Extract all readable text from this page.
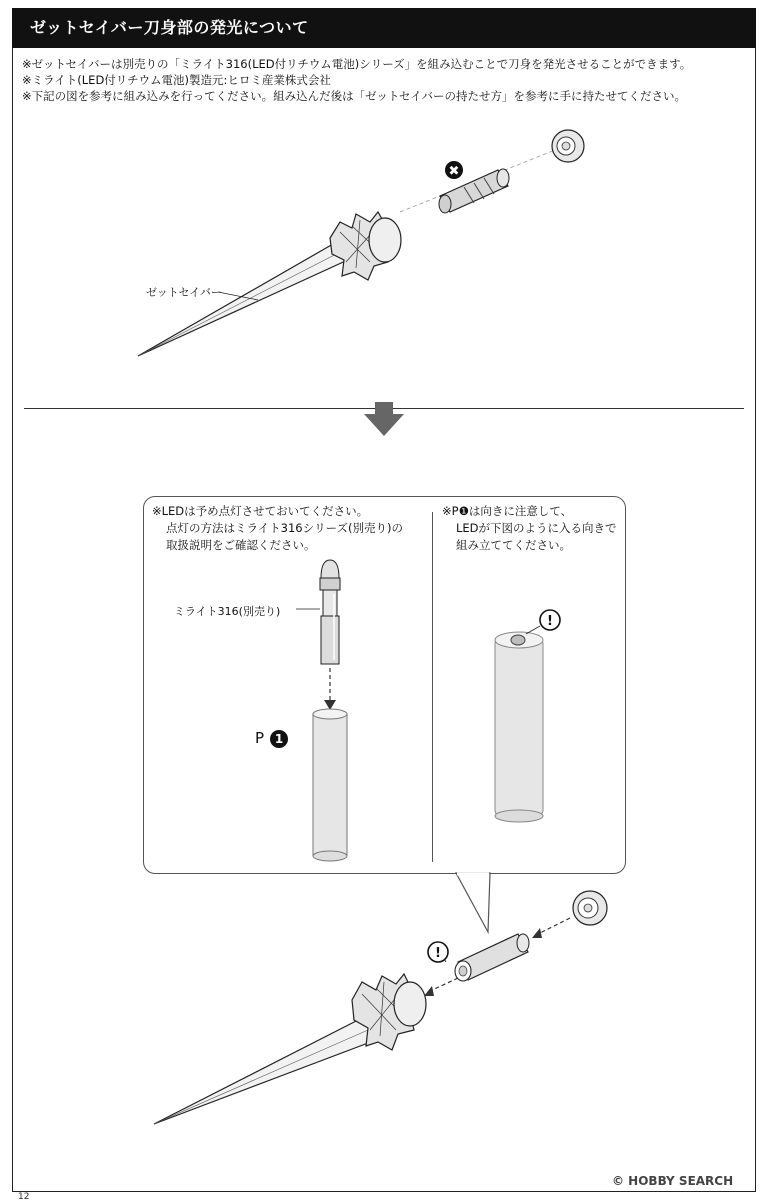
ゼットセイバー刀身部の発光について
※ゼットセイバーは別売りの「ミライト316(LED付リチウム電池)シリーズ」を組み込むことで刀身を発光させることができます。
※ミライト(LED付リチウム電池)製造元:ヒロミ産業株式会社
※下記の図を参考に組み込みを行ってください。組み込んだ後は「ゼットセイバーの持たせ方」を参考に手に持たせてください。
✖
ゼットセイバー
※LEDは予め点灯させておいてください。
点灯の方法はミライト316シリーズ(別売り)の
取扱説明をご確認ください。
※P❶は向きに注意して、
LEDが下図のように入る向きで
組み立ててください。
!
ミライト316(別売り)
P 1
!
© HOBBY SEARCH
12
